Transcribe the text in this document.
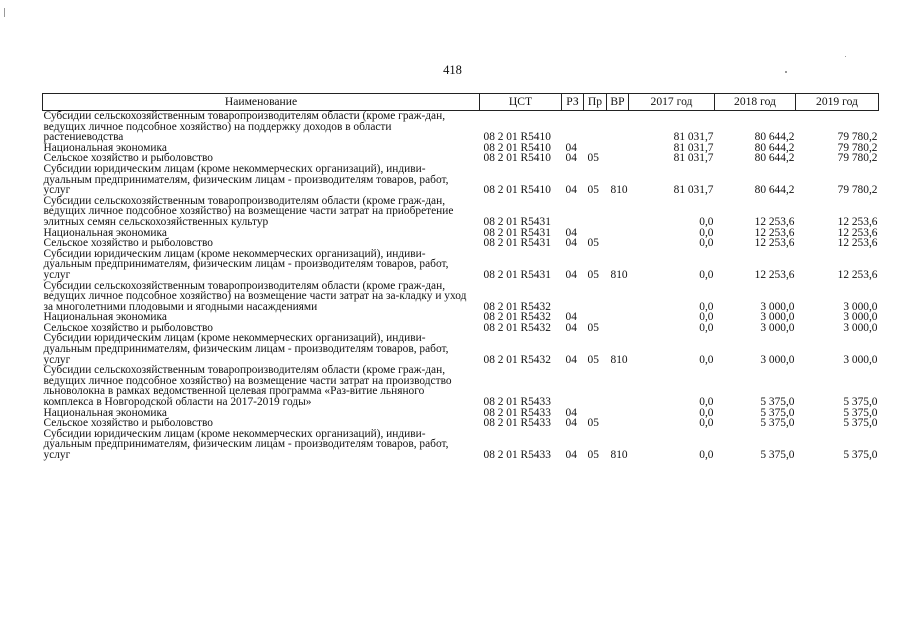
418
Наименование	ЦСТ	РЗ	Пр	ВР	2017 год	2018 год	2019 год
Субсидии сельскохозяйственным товаропроизводителям области (кроме граж-дан, ведущих личное подсобное хозяйство) на поддержку доходов в области растениеводства	08 2 01 R5410				81 031,7	80 644,2	79 780,2
Национальная экономика	08 2 01 R5410	04			81 031,7	80 644,2	79 780,2
Сельское хозяйство и рыболовство	08 2 01 R5410	04	05		81 031,7	80 644,2	79 780,2
Субсидии юридическим лицам (кроме некоммерческих организаций), индиви-дуальным предпринимателям, физическим лицам - производителям товаров, работ, услуг	08 2 01 R5410	04	05	810	81 031,7	80 644,2	79 780,2
Субсидии сельскохозяйственным товаропроизводителям области (кроме граж-дан, ведущих личное подсобное хозяйство) на возмещение части затрат на приобретение элитных семян сельскохозяйственных культур	08 2 01 R5431				0,0	12 253,6	12 253,6
Национальная экономика	08 2 01 R5431	04			0,0	12 253,6	12 253,6
Сельское хозяйство и рыболовство	08 2 01 R5431	04	05		0,0	12 253,6	12 253,6
Субсидии юридическим лицам (кроме некоммерческих организаций), индиви-дуальным предпринимателям, физическим лицам - производителям товаров, работ, услуг	08 2 01 R5431	04	05	810	0,0	12 253,6	12 253,6
Субсидии сельскохозяйственным товаропроизводителям области (кроме граж-дан, ведущих личное подсобное хозяйство) на возмещение части затрат на за-кладку и уход за многолетними плодовыми и ягодными насаждениями	08 2 01 R5432				0,0	3 000,0	3 000,0
Национальная экономика	08 2 01 R5432	04			0,0	3 000,0	3 000,0
Сельское хозяйство и рыболовство	08 2 01 R5432	04	05		0,0	3 000,0	3 000,0
Субсидии юридическим лицам (кроме некоммерческих организаций), индиви-дуальным предпринимателям, физическим лицам - производителям товаров, работ, услуг	08 2 01 R5432	04	05	810	0,0	3 000,0	3 000,0
Субсидии сельскохозяйственным товаропроизводителям области (кроме граж-дан, ведущих личное подсобное хозяйство) на возмещение части затрат на производство льноволокна в рамках ведомственной целевая программа «Раз-витие льняного комплекса в Новгородской области на 2017-2019 годы»	08 2 01 R5433				0,0	5 375,0	5 375,0
Национальная экономика	08 2 01 R5433	04			0,0	5 375,0	5 375,0
Сельское хозяйство и рыболовство	08 2 01 R5433	04	05		0,0	5 375,0	5 375,0
Субсидии юридическим лицам (кроме некоммерческих организаций), индиви-дуальным предпринимателям, физическим лицам - производителям товаров, работ, услуг	08 2 01 R5433	04	05	810	0,0	5 375,0	5 375,0
